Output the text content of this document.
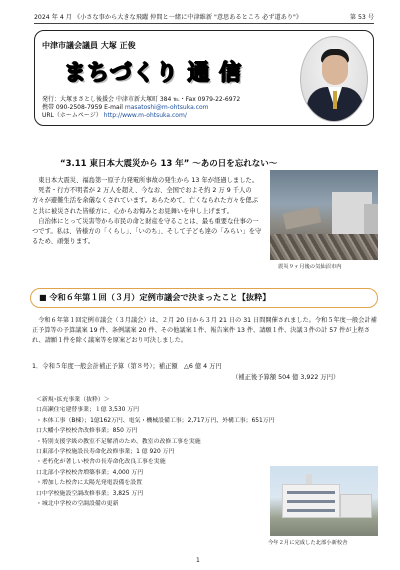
2024 年 4 月 《小さな事から大きな飛躍 仲間と一緒に中津維新 "意思あるところ 必ず道あり"》	第 53 号
中津市議会議員 大塚 正俊
まちづくり 通 信
発行：大塚まさとし後援会 中津市新大塚町 384 ℡・Fax 0979-22-6972
携帯 090-2508-7959 E-mail masatoshi@m-ohtsuka.com
URL（ホームページ） http://www.m-ohtsuka.com/
“3.11 東日本大震災から 13 年” ～あの日を忘れない～

東日本大震災、福島第一原子力発電所事故の発生から 13 年が経過しました。

死者・行方不明者が 2 万人を超え、今なお、全国でおよそ約 2 万 9 千人の方々が避難生活を余儀なくされています。あらためて、亡くなられた方々を偲ぶと共に被災された皆様方に、心からお悔みとお見舞いを申し上げます。

自治体にとって災害等から市民の命と財産を守ることは、最も重要な仕事の一つです。私は、皆様方の「くらし」、「いのち」、そして子ども達の「みらい」を守るため、頑張ります。

震災９ヶ月後の気仙沼市内
■ 令和６年第１回（３月）定例市議会で決まったこと【抜粋】

令和６年第１回定例市議会（３月議会）は、２月 20 日から３月 21 日の 31 日間開催されました。令和５年度一般会計補正予算等の予算議案 19 件、条例議案 20 件、その他議案１件、報告案件 13 件、請願１件、決議３件の計 57 件が上程され、請願１件を除く議案等を原案どおり可決しました。

1．令和５年度一般会計補正予算（第８号）；補正額　△6 億 4 万円
（補正後予算額 504 億 3,922 万円）
＜新規･拡充事業（抜粋）＞
口高瀬住宅建替事業；１億 3,530 万円
・本体工事（B棟）；1億162万円、電気・機械設備工事；2,717万円、外構工事；651万円
口大幡小学校校舎改修事業；850 万円
・特別支援学級の教室不足解消のため、教室の改修工事を実施
口東部小学校施設長寿命化改修事業；1 億 920 万円
・老朽化が著しい校舎の長寿命化改良工事を実施
口北部小学校校舎増築事業；4,000 万円
・増加した校舎に太陽光発電設備を設置
口中学校施設空調改修事業；3,825 万円
・城北中学校の空調設備の更新
今年２月に完成した北部小新校舎
1
